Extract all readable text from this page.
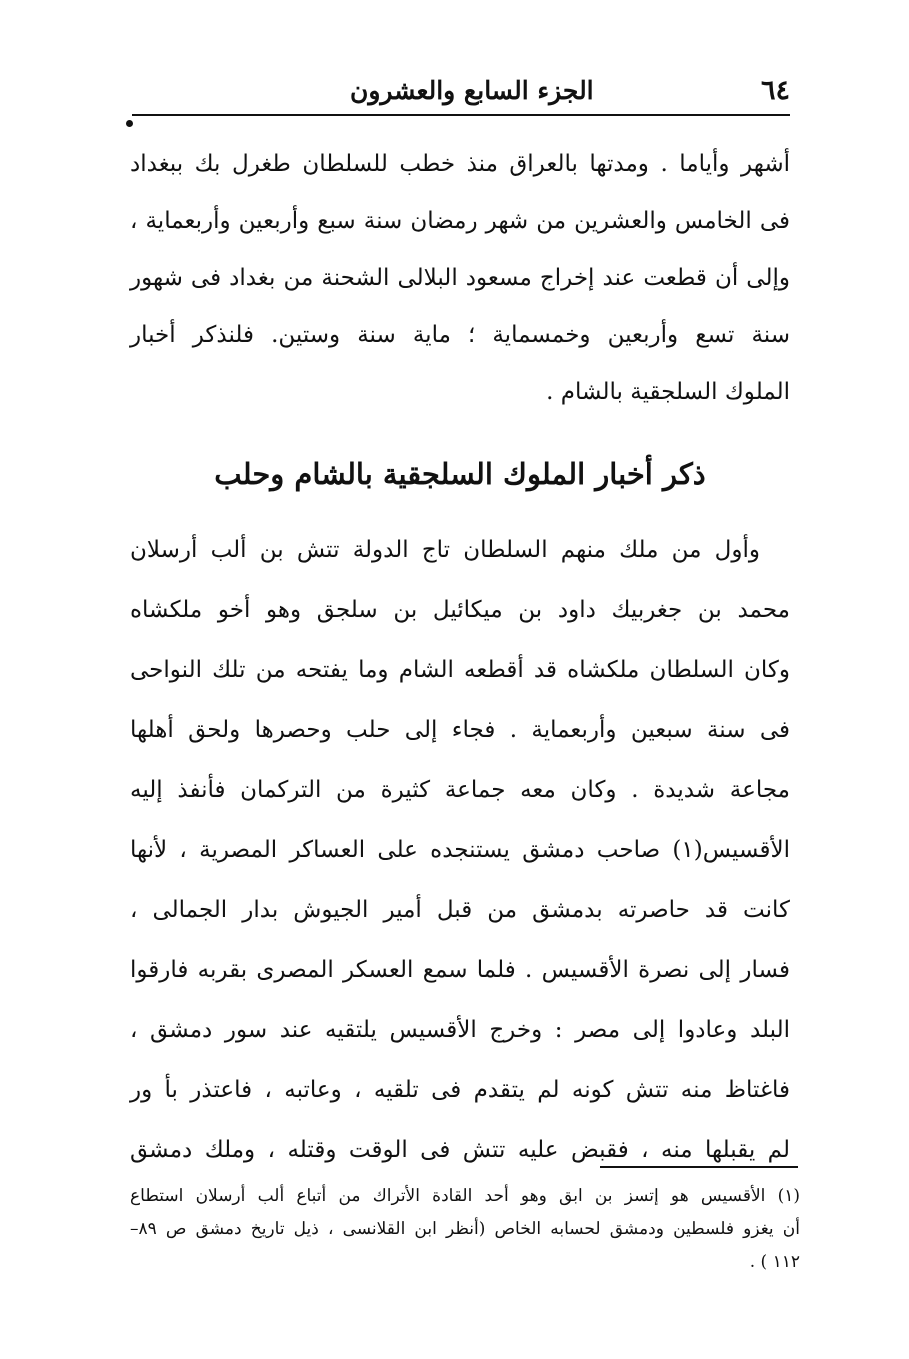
٦٤
الجزء السابع والعشرون
أشهر وأياما . ومدتها بالعراق منذ خطب للسلطان طغرل بك ببغداد
فى الخامس والعشرين من شهر رمضان سنة سبع وأربعين وأربعماية ،
وإلى أن قطعت عند إخراج مسعود البلالى الشحنة من بغداد فى شهور
سنة تسع وأربعين وخمسماية ؛ ماية سنة وستين. فلنذكر أخبار
الملوك السلجقية بالشام .
ذكر أخبار الملوك السلجقية بالشام وحلب
وأول من ملك منهم السلطان تاج الدولة تتش بن ألب أرسلان
محمد بن جغربيك داود بن ميكائيل بن سلجق وهو أخو ملكشاه
وكان السلطان ملكشاه قد أقطعه الشام وما يفتحه من تلك النواحى
فى سنة سبعين وأربعماية . فجاء إلى حلب وحصرها ولحق أهلها
مجاعة شديدة . وكان معه جماعة كثيرة من التركمان فأنفذ إليه
الأقسيس(١) صاحب دمشق يستنجده على العساكر المصرية ، لأنها
كانت قد حاصرته بدمشق من قبل أمير الجيوش بدار الجمالى ،
فسار إلى نصرة الأقسيس . فلما سمع العسكر المصرى بقربه فارقوا
البلد وعادوا إلى مصر : وخرج الأقسيس يلتقيه عند سور دمشق ،
فاغتاظ منه تتش كونه لم يتقدم فى تلقيه ، وعاتبه ، فاعتذر بأ ور
لم يقبلها منه ، فقبض عليه تتش فى الوقت وقتله ، وملك دمشق
(١) الأقسيس هو إتسز بن ابق وهو أحد القادة الأتراك من أتباع ألب أرسلان استطاع
أن يغزو فلسطين ودمشق لحسابه الخاص (أنظر ابن القلانسى ، ذيل تاريخ دمشق ص ٨٩–
١١٢ ) .
